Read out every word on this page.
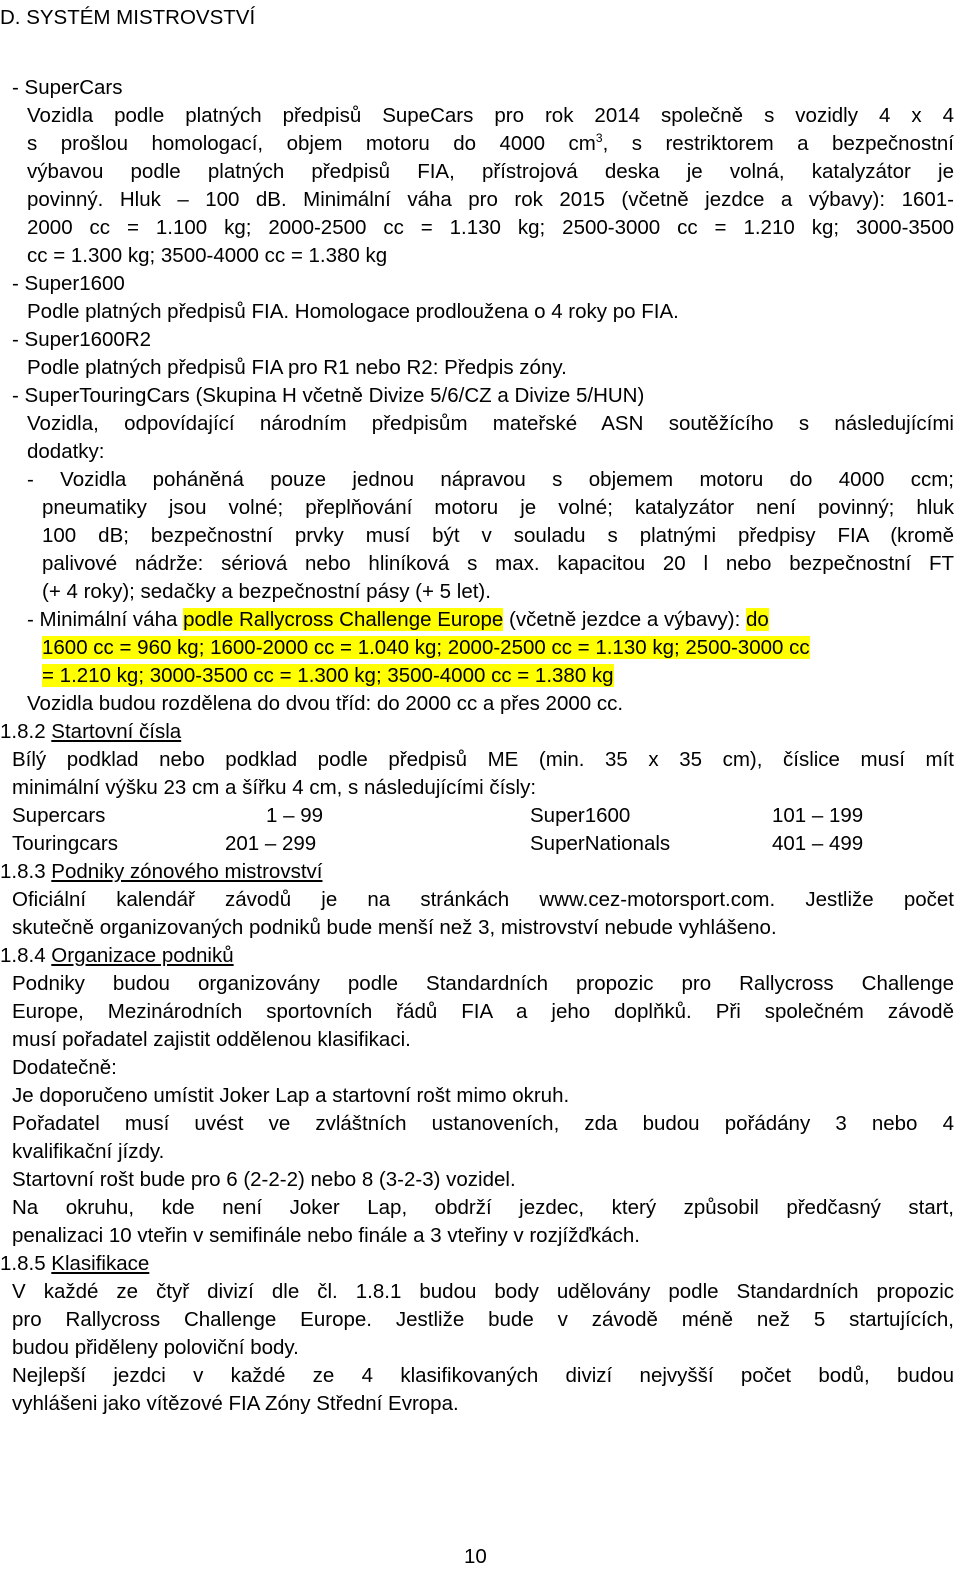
D. SYSTÉM MISTROVSTVÍ
- SuperCars
Vozidla podle platných předpisů SupeCars pro rok 2014 společně s vozidly 4 x 4
s prošlou homologací, objem motoru do 4000 $cm^3$, s restriktorem a bezpečnostní
výbavou podle platných předpisů FIA, přístrojová deska je volná, katalyzátor je
povinný. Hluk – 100 dB. Minimální váha pro rok 2015 (včetně jezdce a výbavy): 1601-
2000 cc = 1.100 kg; 2000-2500 cc = 1.130 kg; 2500-3000 cc = 1.210 kg; 3000-3500
cc = 1.300 kg; 3500-4000 cc = 1.380 kg
- Super1600
Podle platných předpisů FIA. Homologace prodloužena o 4 roky po FIA.
- Super1600R2
Podle platných předpisů FIA pro R1 nebo R2: Předpis zóny.
- SuperTouringCars (Skupina H včetně Divize 5/6/CZ a Divize 5/HUN)
Vozidla, odpovídající národním předpisům mateřské ASN soutěžícího s následujícími
dodatky:
- Vozidla poháněná pouze jednou nápravou s objemem motoru do 4000 ccm;
pneumatiky jsou volné; přeplňování motoru je volné; katalyzátor není povinný; hluk
100 dB; bezpečnostní prvky musí být v souladu s platnými předpisy FIA (kromě
palivové nádrže: sériová nebo hliníková s max. kapacitou 20 l nebo bezpečnostní FT
(+ 4 roky); sedačky a bezpečnostní pásy (+ 5 let).
- Minimální váha podle Rallycross Challenge Europe (včetně jezdce a výbavy): do
1600 cc = 960 kg; 1600-2000 cc = 1.040 kg; 2000-2500 cc = 1.130 kg; 2500-3000 cc
= 1.210 kg; 3000-3500 cc = 1.300 kg; 3500-4000 cc = 1.380 kg
Vozidla budou rozdělena do dvou tříd: do 2000 cc a přes 2000 cc.
1.8.2 Startovní čísla
Bílý podklad nebo podklad podle předpisů ME (min. 35 x 35 cm), číslice musí mít
minimální výšku 23 cm a šířku 4 cm, s následujícími čísly:
Supercars	1 – 99	Super1600	101 – 199
Touringcars	201 – 299	SuperNationals	401 – 499
1.8.3 Podniky zónového mistrovství
Oficiální kalendář závodů je na stránkách www.cez-motorsport.com. Jestliže počet
skutečně organizovaných podniků bude menší než 3, mistrovství nebude vyhlášeno.
1.8.4 Organizace podniků
Podniky budou organizovány podle Standardních propozic pro Rallycross Challenge
Europe, Mezinárodních sportovních řádů FIA a jeho doplňků. Při společném závodě
musí pořadatel zajistit oddělenou klasifikaci.
Dodatečně:
Je doporučeno umístit Joker Lap a startovní rošt mimo okruh.
Pořadatel musí uvést ve zvláštních ustanoveních, zda budou pořádány 3 nebo 4
kvalifikační jízdy.
Startovní rošt bude pro 6 (2-2-2) nebo 8 (3-2-3) vozidel.
Na okruhu, kde není Joker Lap, obdrží jezdec, který způsobil předčasný start,
penalizaci 10 vteřin v semifinále nebo finále a 3 vteřiny v rozjížďkách.
1.8.5 Klasifikace
V každé ze čtyř divizí dle čl. 1.8.1 budou body udělovány podle Standardních propozic
pro Rallycross Challenge Europe. Jestliže bude v závodě méně než 5 startujících,
budou přiděleny poloviční body.
Nejlepší jezdci v každé ze 4 klasifikovaných divizí nejvyšší počet bodů, budou
vyhlášeni jako vítězové FIA Zóny Střední Evropa.
10
